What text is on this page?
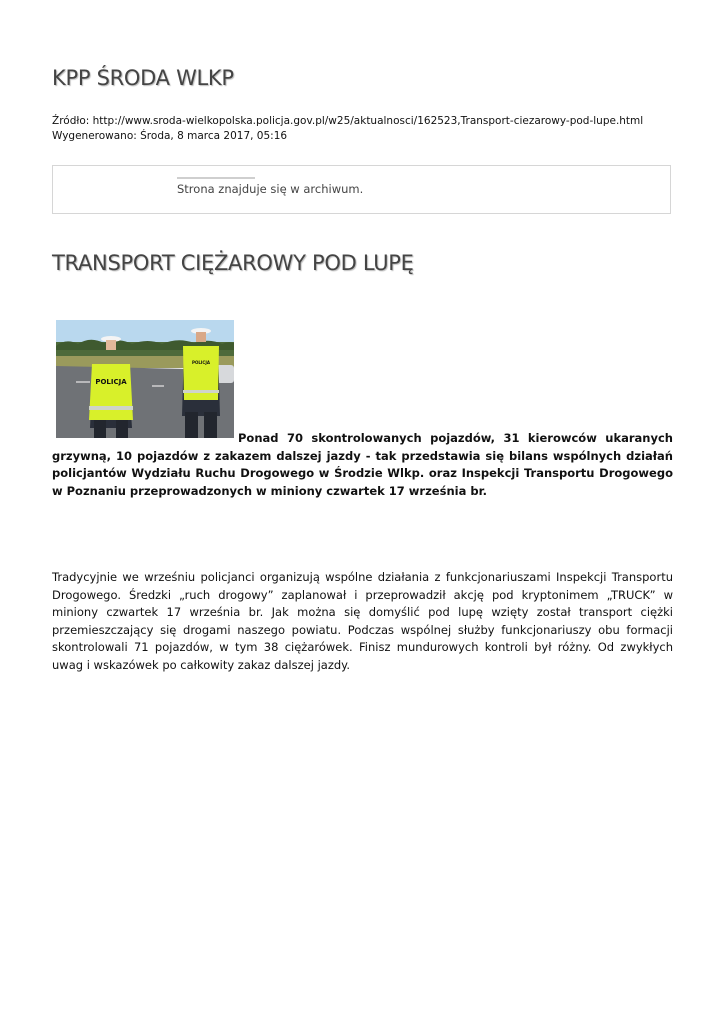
KPP ŚRODA WLKP
Źródło: http://www.sroda-wielkopolska.policja.gov.pl/w25/aktualnosci/162523,Transport-ciezarowy-pod-lupe.html
Wygenerowano: Środa, 8 marca 2017, 05:16
Strona znajduje się w archiwum.
TRANSPORT CIĘŻAROWY POD LUPĘ
POLICJA
POLICJA

Ponad 70 skontrolowanych pojazdów, 31 kierowców ukaranych grzywną, 10 pojazdów z zakazem dalszej jazdy - tak przedstawia się bilans wspólnych działań policjantów Wydziału Ruchu Drogowego w Środzie Wlkp. oraz Inspekcji Transportu Drogowego w Poznaniu przeprowadzonych w miniony czwartek 17 września br.

Tradycyjnie we wrześniu policjanci organizują wspólne działania z funkcjonariuszami Inspekcji Transportu Drogowego. Średzki „ruch drogowy” zaplanował i przeprowadził akcję pod kryptonimem „TRUCK” w miniony czwartek 17 września br. Jak można się domyślić pod lupę wzięty został transport ciężki przemieszczający się drogami naszego powiatu. Podczas wspólnej służby funkcjonariuszy obu formacji skontrolowali 71 pojazdów, w tym 38 ciężarówek. Finisz mundurowych kontroli był różny. Od zwykłych uwag i wskazówek po całkowity zakaz dalszej jazdy.
